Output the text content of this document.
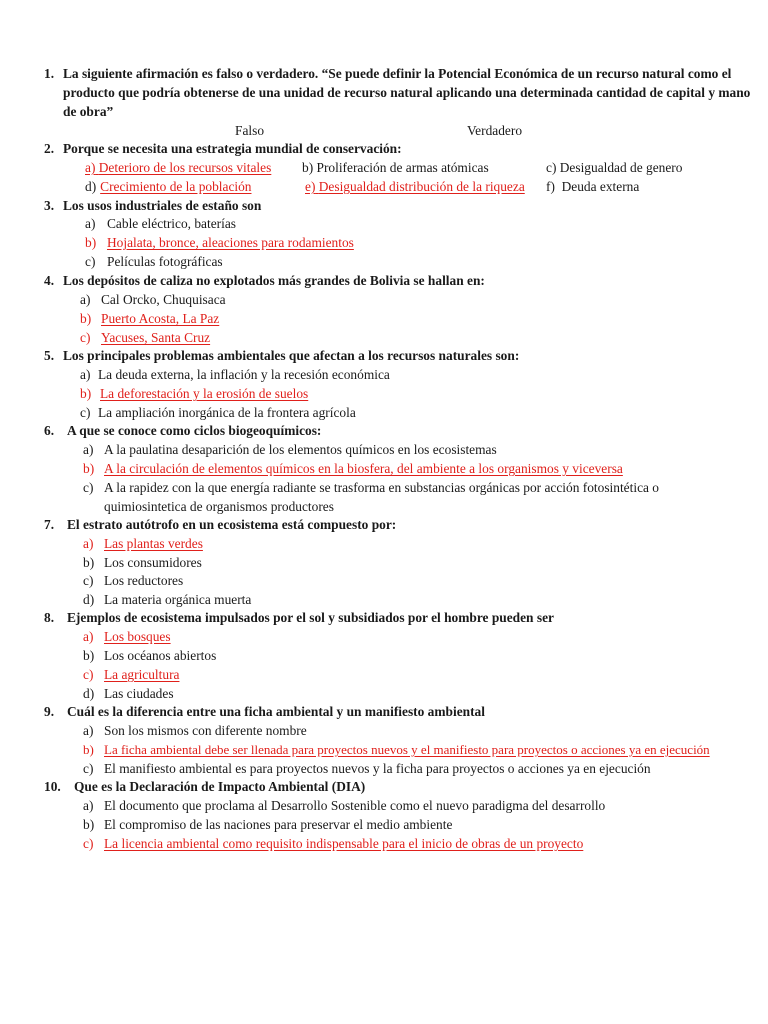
1. La siguiente afirmación es falso o verdadero. “Se puede definir la Potencial Económica de un recurso natural como el producto que podría obtenerse de una unidad de recurso natural aplicando una determinada cantidad de capital y mano de obra”
Falso	Verdadero
2. Porque se necesita una estrategia mundial de conservación:
a) Deterioro de los recursos vitales b) Proliferación de armas atómicas	c) Desigualdad de genero
d) Crecimiento de la población	e) Desigualdad distribución de la riqueza f) Deuda externa
3. Los usos industriales de estaño son
a) Cable eléctrico, baterías
b) Hojalata, bronce, aleaciones para rodamientos
c) Películas fotográficas
4. Los depósitos de caliza no explotados más grandes de Bolivia se hallan en:
a) Cal Orcko, Chuquisaca
b) Puerto Acosta, La Paz
c) Yacuses, Santa Cruz
5. Los principales problemas ambientales que afectan a los recursos naturales son:
a) La deuda externa, la inflación y la recesión económica
b) La deforestación y la erosión de suelos
c) La ampliación inorgánica de la frontera agrícola
6. A que se conoce como ciclos biogeoquímicos:
a) A la paulatina desaparición de los elementos químicos en los ecosistemas
b) A la circulación de elementos químicos en la biosfera, del ambiente a los organismos y viceversa
c) A la rapidez con la que energía radiante se trasforma en substancias orgánicas por acción fotosintética o
quimiosintetica de organismos productores
7. El estrato autótrofo en un ecosistema está compuesto por:
a) Las plantas verdes
b) Los consumidores
c) Los reductores
d) La materia orgánica muerta
8. Ejemplos de ecosistema impulsados por el sol y subsidiados por el hombre pueden ser
a) Los bosques
b) Los océanos abiertos
c) La agricultura
d) Las ciudades
9. Cuál es la diferencia entre una ficha ambiental y un manifiesto ambiental
a) Son los mismos con diferente nombre
b) La ficha ambiental debe ser llenada para proyectos nuevos y el manifiesto para proyectos o acciones ya en ejecución
c) El manifiesto ambiental es para proyectos nuevos y la ficha para proyectos o acciones ya en ejecución
10. Que es la Declaración de Impacto Ambiental (DIA)
a) El documento que proclama al Desarrollo Sostenible como el nuevo paradigma del desarrollo
b) El compromiso de las naciones para preservar el medio ambiente
c) La licencia ambiental como requisito indispensable para el inicio de obras de un proyecto
